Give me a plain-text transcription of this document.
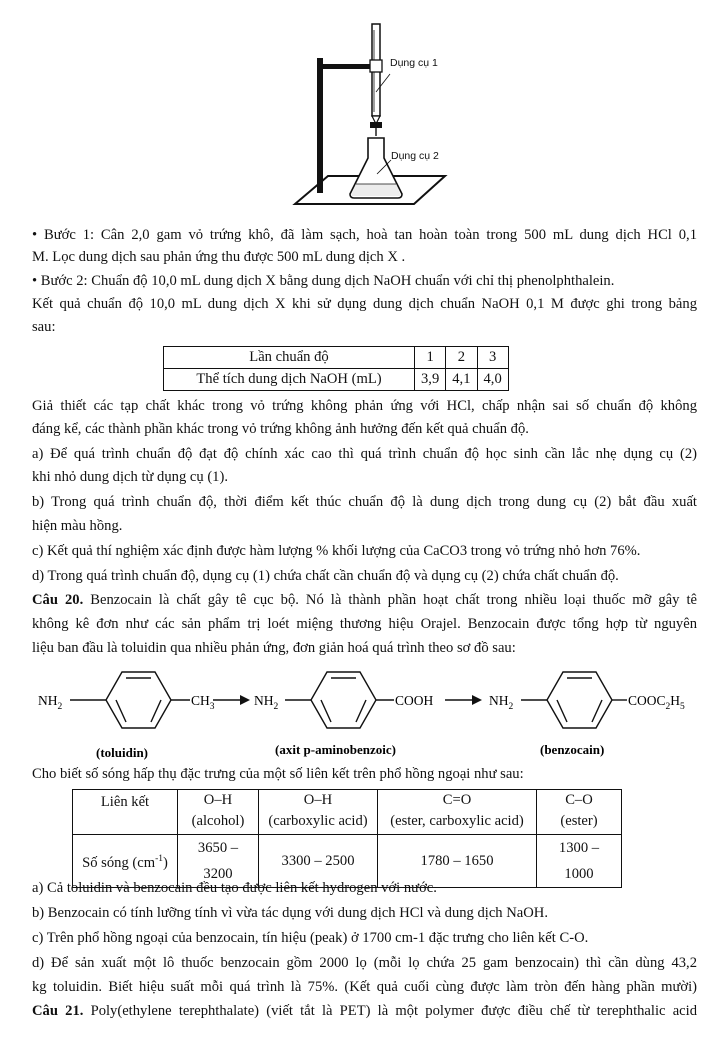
Dụng cụ 1
Dụng cụ 2
• Bước 1: Cân 2,0 gam vỏ trứng khô, đã làm sạch, hoà tan hoàn toàn trong 500 mL dung dịch HCl 0,1
M. Lọc dung dịch sau phản ứng thu được 500 mL dung dịch X .
• Bước 2: Chuẩn độ 10,0 mL dung dịch X bằng dung dịch NaOH chuẩn với chỉ thị phenolphthalein.
Kết quả chuẩn độ 10,0 mL dung dịch X khi sử dụng dung dịch chuẩn NaOH 0,1 M được ghi trong bảng
sau:
Lần chuẩn độ	1	2	3
Thể tích dung dịch NaOH (mL)	3,9	4,1	4,0
Giả thiết các tạp chất khác trong vỏ trứng không phản ứng với HCl, chấp nhận sai số chuẩn độ không
đáng kể, các thành phần khác trong vỏ trứng không ảnh hưởng đến kết quả chuẩn độ.
a) Để quá trình chuẩn độ đạt độ chính xác cao thì quá trình chuẩn độ học sinh cần lắc nhẹ dụng cụ (2)
khi nhỏ dung dịch từ dụng cụ (1).
b) Trong quá trình chuẩn độ, thời điểm kết thúc chuẩn độ là dung dịch trong dung cụ (2) bắt đầu xuất
hiện màu hồng.
c) Kết quả thí nghiệm xác định được hàm lượng % khối lượng của CaCO3 trong vỏ trứng nhỏ hơn 76%.
d) Trong quá trình chuẩn độ, dụng cụ (1) chứa chất cần chuẩn độ và dụng cụ (2) chứa chất chuẩn độ.
Câu 20. Benzocain là chất gây tê cục bộ. Nó là thành phần hoạt chất trong nhiều loại thuốc mỡ gây tê
không kê đơn như các sản phẩm trị loét miệng thương hiệu Orajel. Benzocain được tổng hợp từ nguyên
liệu ban đầu là toluidin qua nhiều phản ứng, đơn giản hoá quá trình theo sơ đồ sau:
$NH_2$	$CH_3$	$NH_2$	COOH	$NH_2$	$COOC_2H_5$
(toluidin)	(axit p-aminobenzoic)	(benzocain)
Cho biết số sóng hấp thụ đặc trưng của một số liên kết trên phổ hồng ngoại như sau:
Liên kết	O–H	O–H	C=O	C–O
	(alcohol)	(carboxylic acid)	(ester, carboxylic acid)	(ester)
Số sóng $(cm^{-1})$	3650 – 3200	3300 – 2500	1780 – 1650	1300 – 1000
a) Cả toluidin và benzocain đều tạo được liên kết hydrogen với nước.
b) Benzocain có tính lưỡng tính vì vừa tác dụng với dung dịch HCl và dung dịch NaOH.
c) Trên phổ hồng ngoại của benzocain, tín hiệu (peak) ở 1700 cm-1 đặc trưng cho liên kết C-O.
d) Để sản xuất một lô thuốc benzocain gồm 2000 lọ (mỗi lọ chứa 25 gam benzocain) thì cần dùng 43,2
kg toluidin. Biết hiệu suất mỗi quá trình là 75%. (Kết quả cuối cùng được làm tròn đến hàng phần mười)
Câu 21. Poly(ethylene terephthalate) (viết tắt là PET) là một polymer được điều chế từ terephthalic acid
